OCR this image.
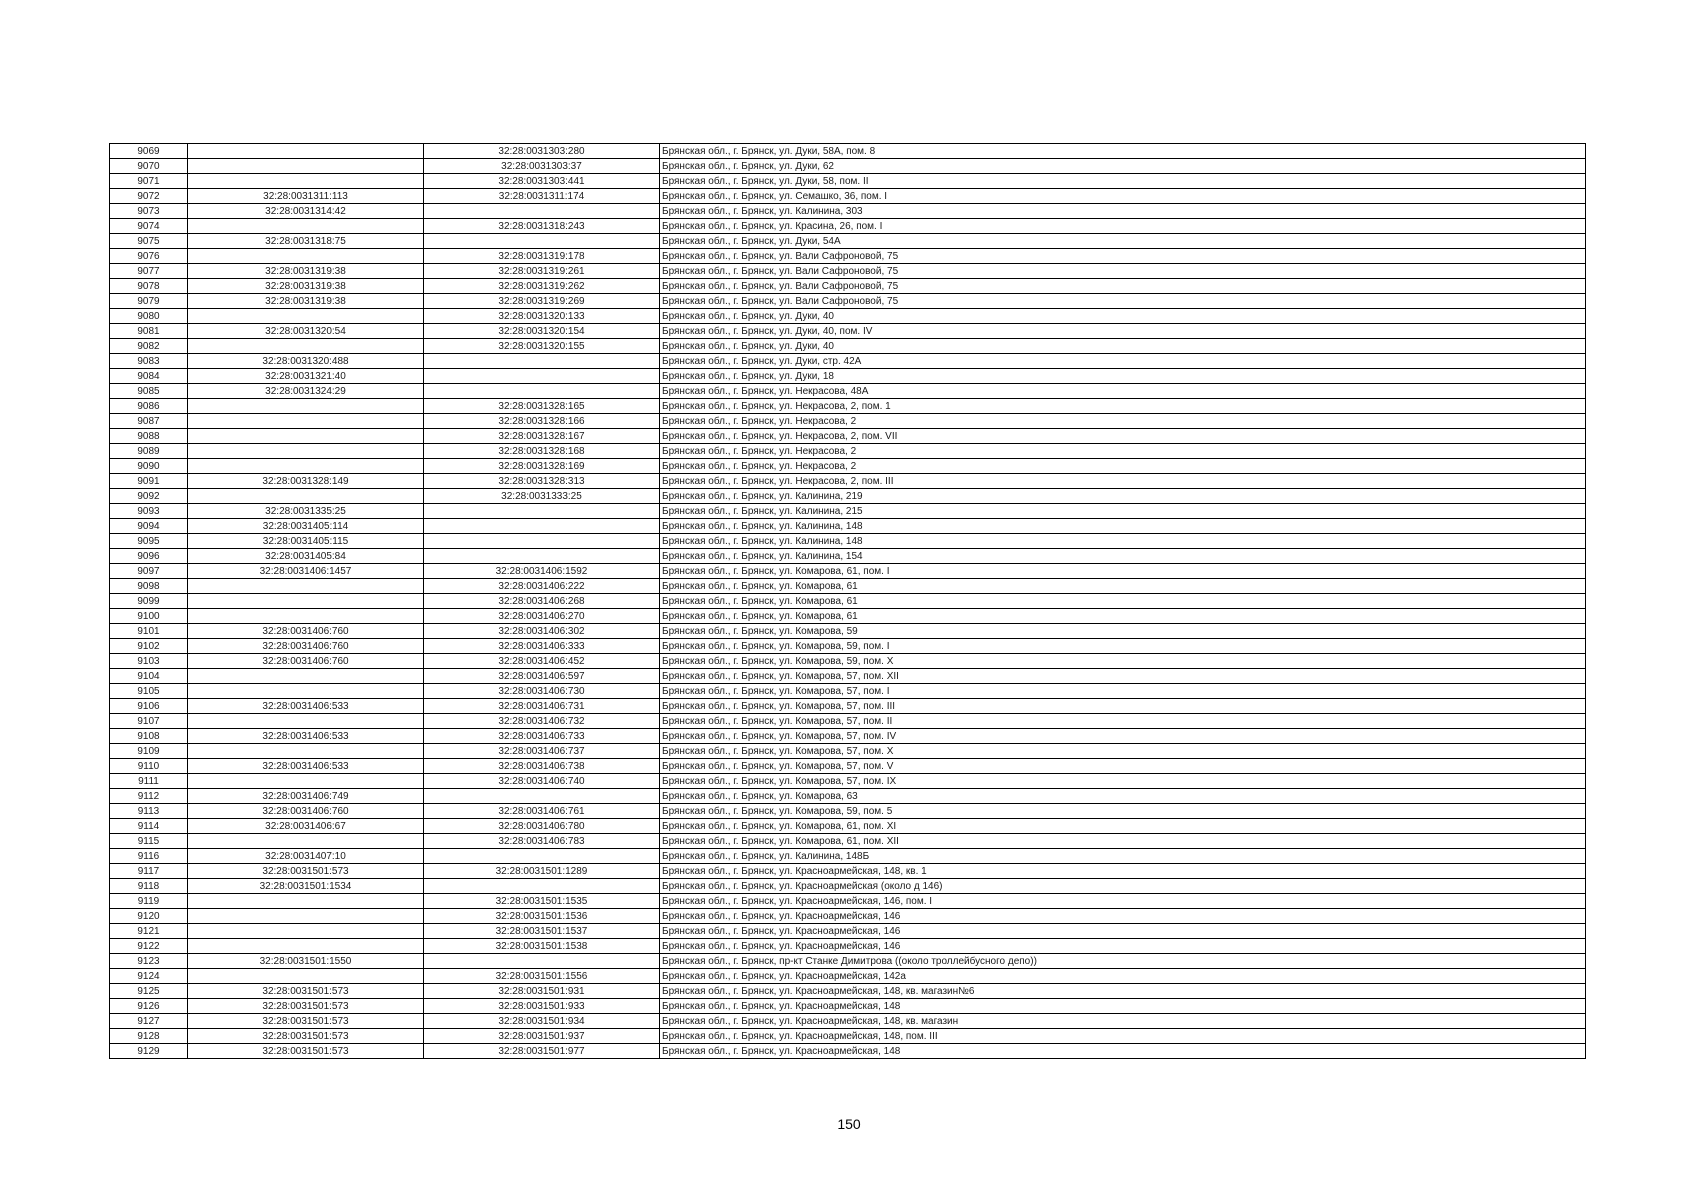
9069		32:28:0031303:280	Брянская обл., г. Брянск, ул. Дуки, 58А, пом. 8
9070		32:28:0031303:37	Брянская обл., г. Брянск, ул. Дуки, 62
9071		32:28:0031303:441	Брянская обл., г. Брянск, ул. Дуки, 58, пом. II
9072	32:28:0031311:113	32:28:0031311:174	Брянская обл., г. Брянск, ул. Семашко, 36, пом. I
9073	32:28:0031314:42		Брянская обл., г. Брянск, ул. Калинина, 303
9074		32:28:0031318:243	Брянская обл., г. Брянск, ул. Красина, 26, пом. I
9075	32:28:0031318:75		Брянская обл., г. Брянск, ул. Дуки, 54А
9076		32:28:0031319:178	Брянская обл., г. Брянск, ул. Вали Сафроновой, 75
9077	32:28:0031319:38	32:28:0031319:261	Брянская обл., г. Брянск, ул. Вали Сафроновой, 75
9078	32:28:0031319:38	32:28:0031319:262	Брянская обл., г. Брянск, ул. Вали Сафроновой, 75
9079	32:28:0031319:38	32:28:0031319:269	Брянская обл., г. Брянск, ул. Вали Сафроновой, 75
9080		32:28:0031320:133	Брянская обл., г. Брянск, ул. Дуки, 40
9081	32:28:0031320:54	32:28:0031320:154	Брянская обл., г. Брянск, ул. Дуки, 40, пом. IV
9082		32:28:0031320:155	Брянская обл., г. Брянск, ул. Дуки, 40
9083	32:28:0031320:488		Брянская обл., г. Брянск, ул. Дуки, стр. 42А
9084	32:28:0031321:40		Брянская обл., г. Брянск, ул. Дуки, 18
9085	32:28:0031324:29		Брянская обл., г. Брянск, ул. Некрасова, 48А
9086		32:28:0031328:165	Брянская обл., г. Брянск, ул. Некрасова, 2, пом. 1
9087		32:28:0031328:166	Брянская обл., г. Брянск, ул. Некрасова, 2
9088		32:28:0031328:167	Брянская обл., г. Брянск, ул. Некрасова, 2, пом. VII
9089		32:28:0031328:168	Брянская обл., г. Брянск, ул. Некрасова, 2
9090		32:28:0031328:169	Брянская обл., г. Брянск, ул. Некрасова, 2
9091	32:28:0031328:149	32:28:0031328:313	Брянская обл., г. Брянск, ул. Некрасова, 2, пом. III
9092		32:28:0031333:25	Брянская обл., г. Брянск, ул. Калинина, 219
9093	32:28:0031335:25		Брянская обл., г. Брянск, ул. Калинина, 215
9094	32:28:0031405:114		Брянская обл., г. Брянск, ул. Калинина, 148
9095	32:28:0031405:115		Брянская обл., г. Брянск, ул. Калинина, 148
9096	32:28:0031405:84		Брянская обл., г. Брянск, ул. Калинина, 154
9097	32:28:0031406:1457	32:28:0031406:1592	Брянская обл., г. Брянск, ул. Комарова, 61, пом. I
9098		32:28:0031406:222	Брянская обл., г. Брянск, ул. Комарова, 61
9099		32:28:0031406:268	Брянская обл., г. Брянск, ул. Комарова, 61
9100		32:28:0031406:270	Брянская обл., г. Брянск, ул. Комарова, 61
9101	32:28:0031406:760	32:28:0031406:302	Брянская обл., г. Брянск, ул. Комарова, 59
9102	32:28:0031406:760	32:28:0031406:333	Брянская обл., г. Брянск, ул. Комарова, 59, пом. I
9103	32:28:0031406:760	32:28:0031406:452	Брянская обл., г. Брянск, ул. Комарова, 59, пом. X
9104		32:28:0031406:597	Брянская обл., г. Брянск, ул. Комарова, 57, пом. XII
9105		32:28:0031406:730	Брянская обл., г. Брянск, ул. Комарова, 57, пом. I
9106	32:28:0031406:533	32:28:0031406:731	Брянская обл., г. Брянск, ул. Комарова, 57, пом. III
9107		32:28:0031406:732	Брянская обл., г. Брянск, ул. Комарова, 57, пом. II
9108	32:28:0031406:533	32:28:0031406:733	Брянская обл., г. Брянск, ул. Комарова, 57, пом. IV
9109		32:28:0031406:737	Брянская обл., г. Брянск, ул. Комарова, 57, пом. X
9110	32:28:0031406:533	32:28:0031406:738	Брянская обл., г. Брянск, ул. Комарова, 57, пом. V
9111		32:28:0031406:740	Брянская обл., г. Брянск, ул. Комарова, 57, пом. IX
9112	32:28:0031406:749		Брянская обл., г. Брянск, ул. Комарова, 63
9113	32:28:0031406:760	32:28:0031406:761	Брянская обл., г. Брянск, ул. Комарова, 59, пом. 5
9114	32:28:0031406:67	32:28:0031406:780	Брянская обл., г. Брянск, ул. Комарова, 61, пом. XI
9115		32:28:0031406:783	Брянская обл., г. Брянск, ул. Комарова, 61, пом. XII
9116	32:28:0031407:10		Брянская обл., г. Брянск, ул. Калинина, 148Б
9117	32:28:0031501:573	32:28:0031501:1289	Брянская обл., г. Брянск, ул. Красноармейская, 148, кв. 1
9118	32:28:0031501:1534		Брянская обл., г. Брянск, ул. Красноармейская (около д 146)
9119		32:28:0031501:1535	Брянская обл., г. Брянск, ул. Красноармейская, 146, пом. I
9120		32:28:0031501:1536	Брянская обл., г. Брянск, ул. Красноармейская, 146
9121		32:28:0031501:1537	Брянская обл., г. Брянск, ул. Красноармейская, 146
9122		32:28:0031501:1538	Брянская обл., г. Брянск, ул. Красноармейская, 146
9123	32:28:0031501:1550		Брянская обл., г. Брянск, пр-кт Станке Димитрова ((около троллейбусного депо))
9124		32:28:0031501:1556	Брянская обл., г. Брянск, ул. Красноармейская, 142а
9125	32:28:0031501:573	32:28:0031501:931	Брянская обл., г. Брянск, ул. Красноармейская, 148, кв. магазин№6
9126	32:28:0031501:573	32:28:0031501:933	Брянская обл., г. Брянск, ул. Красноармейская, 148
9127	32:28:0031501:573	32:28:0031501:934	Брянская обл., г. Брянск, ул. Красноармейская, 148, кв. магазин
9128	32:28:0031501:573	32:28:0031501:937	Брянская обл., г. Брянск, ул. Красноармейская, 148, пом. III
9129	32:28:0031501:573	32:28:0031501:977	Брянская обл., г. Брянск, ул. Красноармейская, 148
150
